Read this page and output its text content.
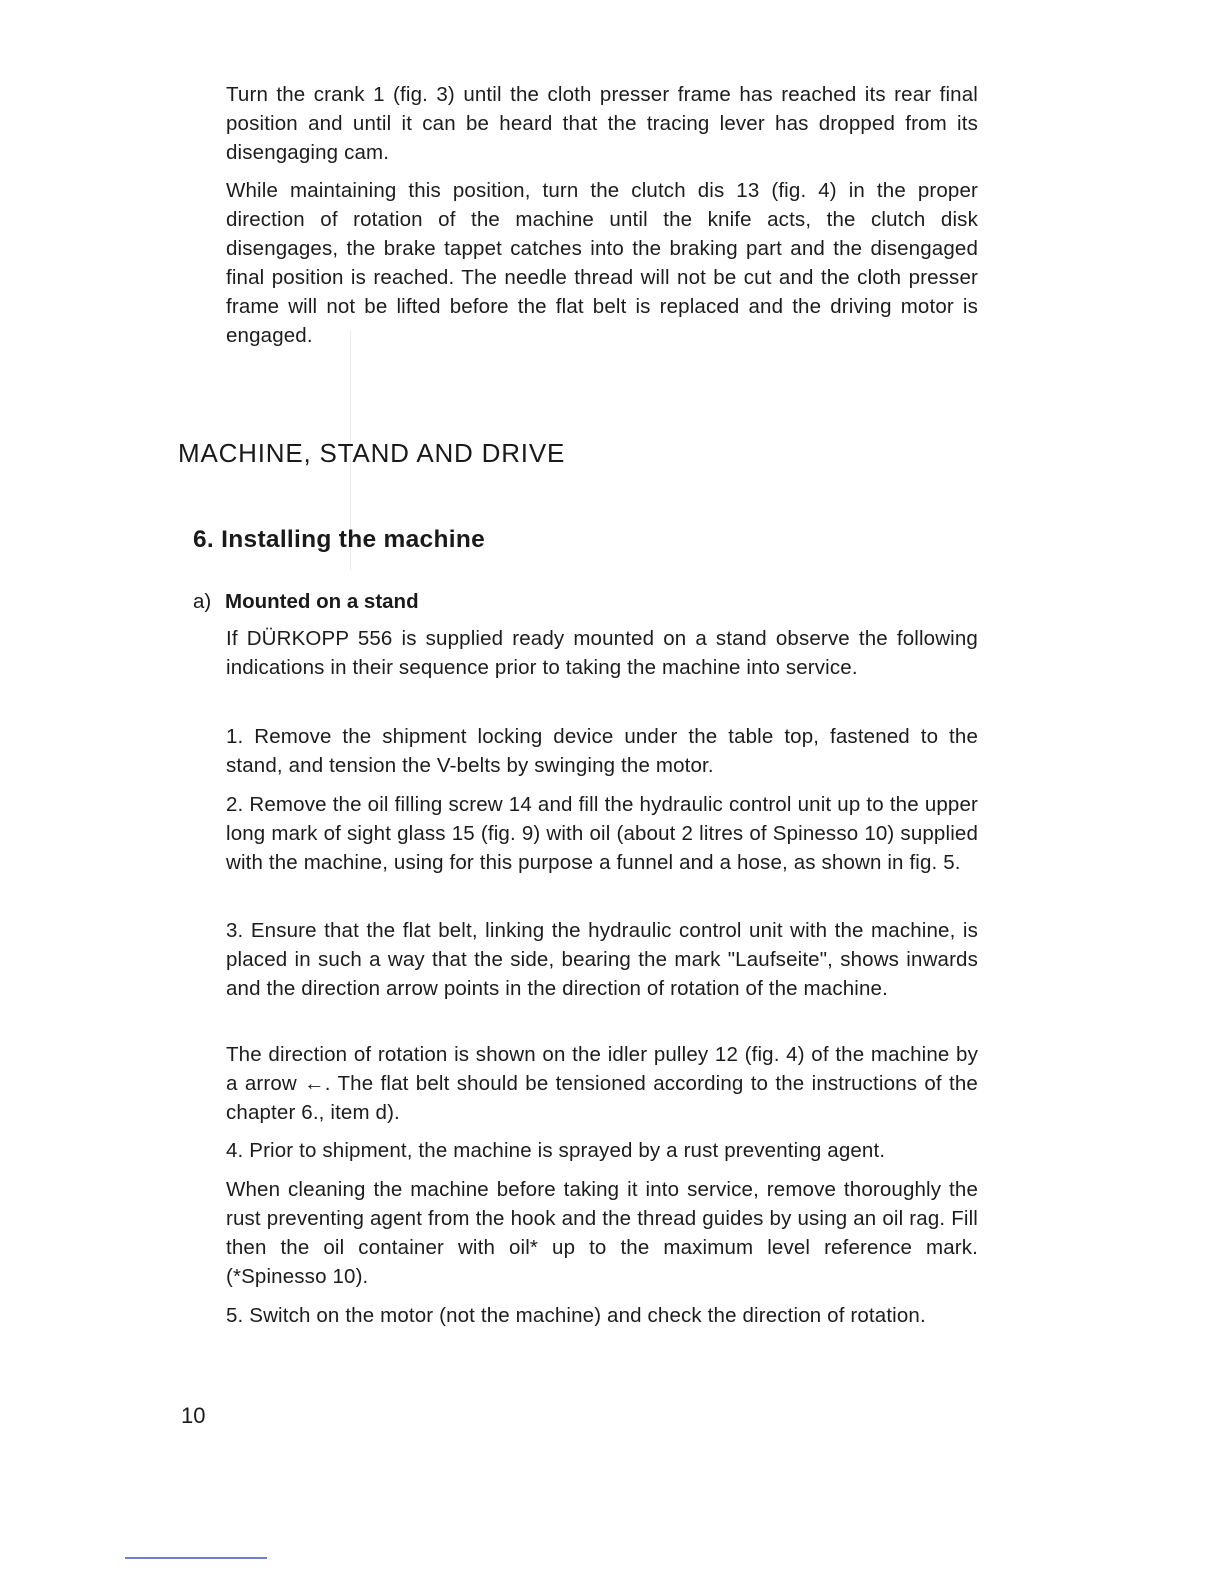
Turn the crank 1 (fig. 3) until the cloth presser frame has reached its rear final position and until it can be heard that the tracing lever has dropped from its disengaging cam.

While maintaining this position, turn the clutch dis 13 (fig. 4) in the proper direction of rotation of the machine until the knife acts, the clutch disk disengages, the brake tappet catches into the braking part and the disengaged final position is reached. The needle thread will not be cut and the cloth presser frame will not be lifted before the flat belt is replaced and the driving motor is engaged.

MACHINE, STAND AND DRIVE
6. Installing the machine
a) Mounted on a stand

If DÜRKOPP 556 is supplied ready mounted on a stand observe the following indications in their sequence prior to taking the machine into service.

1. Remove the shipment locking device under the table top, fastened to the stand, and tension the V-belts by swinging the motor.

2. Remove the oil filling screw 14 and fill the hydraulic control unit up to the upper long mark of sight glass 15 (fig. 9) with oil (about 2 litres of Spinesso 10) supplied with the machine, using for this purpose a funnel and a hose, as shown in fig. 5.

3. Ensure that the flat belt, linking the hydraulic control unit with the machine, is placed in such a way that the side, bearing the mark "Laufseite", shows inwards and the direction arrow points in the direction of rotation of the machine.

The direction of rotation is shown on the idler pulley 12 (fig. 4) of the machine by a arrow ←. The flat belt should be tensioned according to the instructions of the chapter 6., item d).

4. Prior to shipment, the machine is sprayed by a rust preventing agent.

When cleaning the machine before taking it into service, remove thoroughly the rust preventing agent from the hook and the thread guides by using an oil rag. Fill then the oil container with oil* up to the maximum level reference mark. (*Spinesso 10).

5. Switch on the motor (not the machine) and check the direction of rotation.

10
